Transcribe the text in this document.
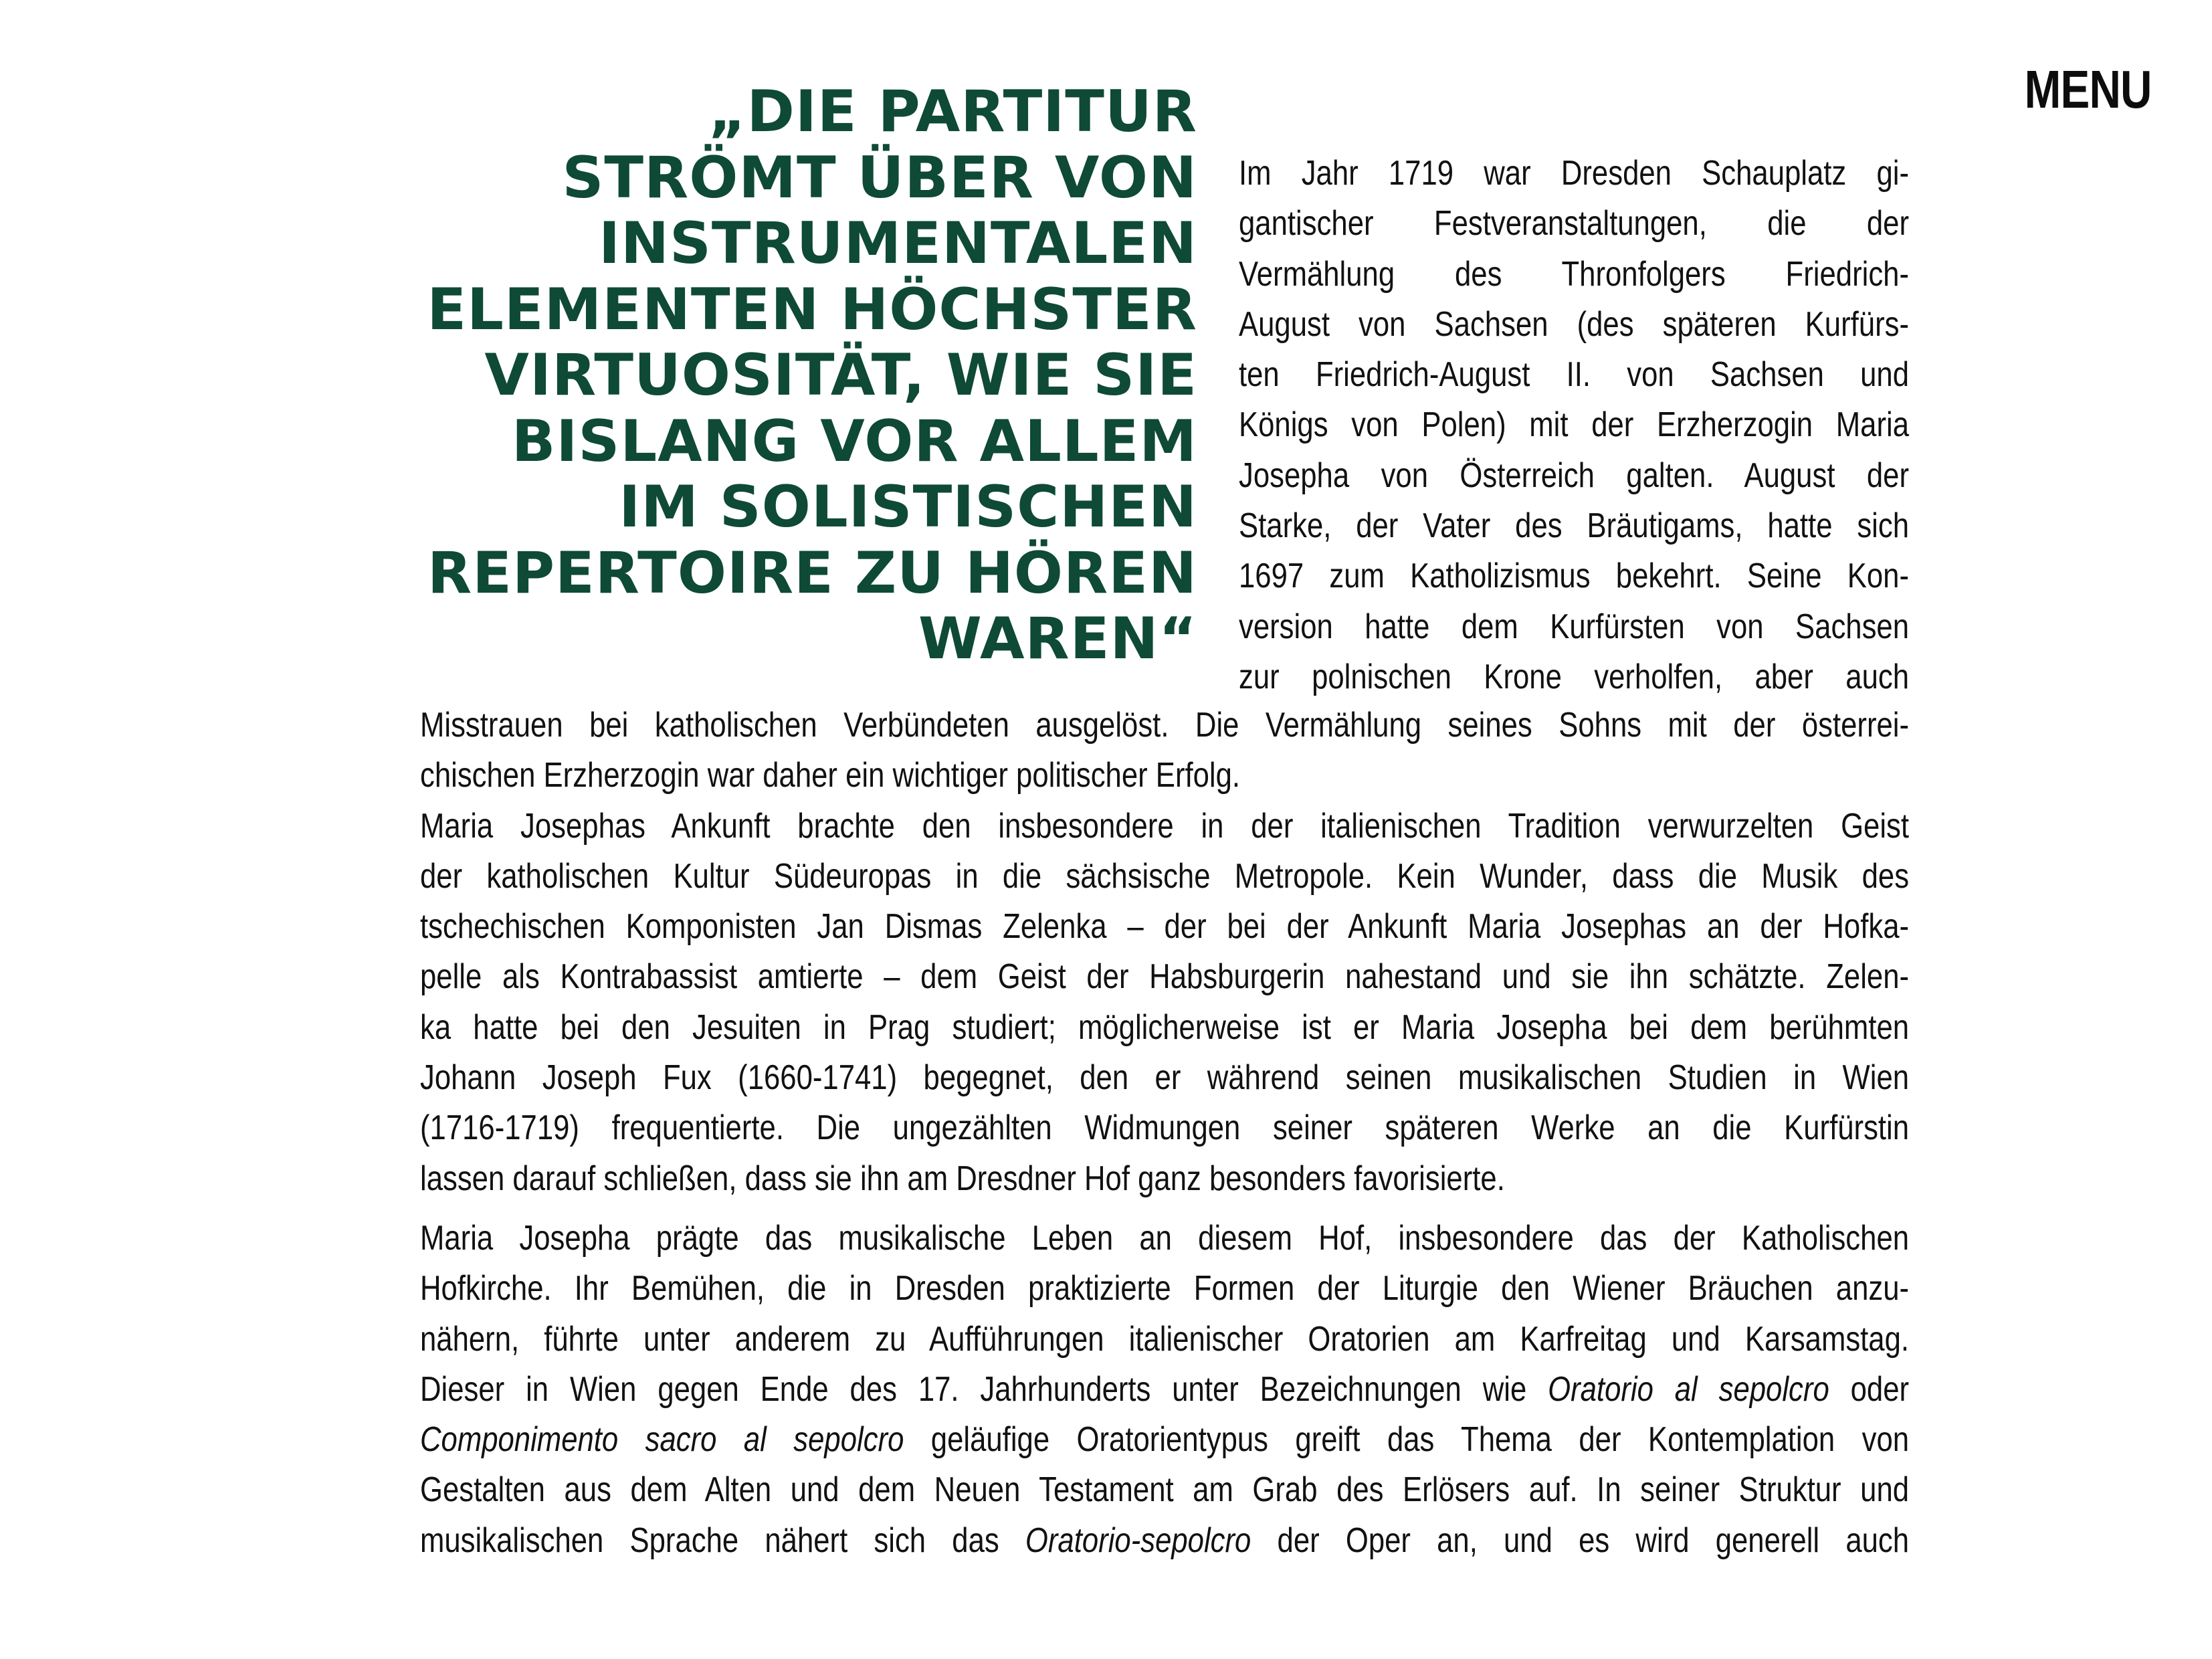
MENU
„DIE PARTITUR
STRÖMT ÜBER VON
INSTRUMENTALEN
ELEMENTEN HÖCHSTER
VIRTUOSITÄT, WIE SIE
BISLANG VOR ALLEM
IM SOLISTISCHEN
REPERTOIRE ZU HÖREN
WAREN“
Im Jahr 1719 war Dresden Schauplatz gi-
gantischer Festveranstaltungen, die der
Vermählung des Thronfolgers Friedrich-
August von Sachsen (des späteren Kurfürs-
ten Friedrich-August II. von Sachsen und
Königs von Polen) mit der Erzherzogin Maria
Josepha von Österreich galten. August der
Starke, der Vater des Bräutigams, hatte sich
1697 zum Katholizismus bekehrt. Seine Kon-
version hatte dem Kurfürsten von Sachsen
zur polnischen Krone verholfen, aber auch
Misstrauen bei katholischen Verbündeten ausgelöst. Die Vermählung seines Sohns mit der österrei-
chischen Erzherzogin war daher ein wichtiger politischer Erfolg.
Maria Josephas Ankunft brachte den insbesondere in der italienischen Tradition verwurzelten Geist
der katholischen Kultur Südeuropas in die sächsische Metropole. Kein Wunder, dass die Musik des
tschechischen Komponisten Jan Dismas Zelenka – der bei der Ankunft Maria Josephas an der Hofka-
pelle als Kontrabassist amtierte – dem Geist der Habsburgerin nahestand und sie ihn schätzte. Zelen-
ka hatte bei den Jesuiten in Prag studiert; möglicherweise ist er Maria Josepha bei dem berühmten
Johann Joseph Fux (1660-1741) begegnet, den er während seinen musikalischen Studien in Wien
(1716-1719) frequentierte. Die ungezählten Widmungen seiner späteren Werke an die Kurfürstin
lassen darauf schließen, dass sie ihn am Dresdner Hof ganz besonders favorisierte.
Maria Josepha prägte das musikalische Leben an diesem Hof, insbesondere das der Katholischen
Hofkirche. Ihr Bemühen, die in Dresden praktizierte Formen der Liturgie den Wiener Bräuchen anzu-
nähern, führte unter anderem zu Aufführungen italienischer Oratorien am Karfreitag und Karsamstag.
Dieser in Wien gegen Ende des 17. Jahrhunderts unter Bezeichnungen wie Oratorio al sepolcro oder
Componimento sacro al sepolcro geläufige Oratorientypus greift das Thema der Kontemplation von
Gestalten aus dem Alten und dem Neuen Testament am Grab des Erlösers auf. In seiner Struktur und
musikalischen Sprache nähert sich das Oratorio-sepolcro der Oper an, und es wird generell auch
